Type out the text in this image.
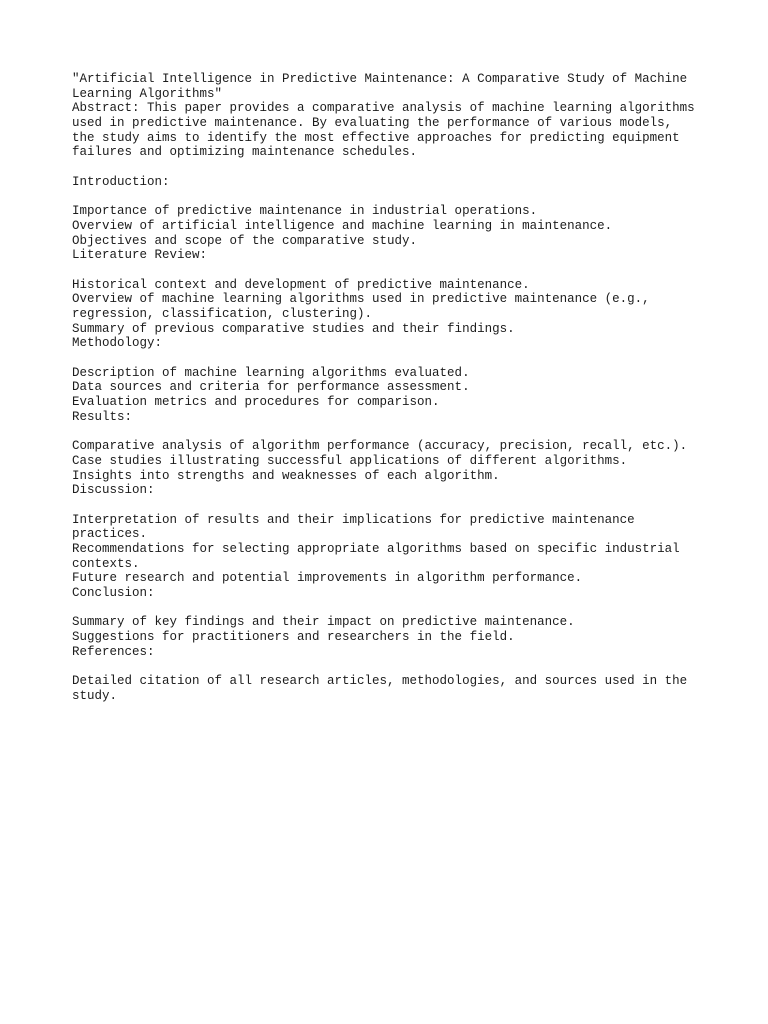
"Artificial Intelligence in Predictive Maintenance: A Comparative Study of Machine
Learning Algorithms"
Abstract: This paper provides a comparative analysis of machine learning algorithms
used in predictive maintenance. By evaluating the performance of various models,
the study aims to identify the most effective approaches for predicting equipment
failures and optimizing maintenance schedules.
Introduction:
Importance of predictive maintenance in industrial operations.
Overview of artificial intelligence and machine learning in maintenance.
Objectives and scope of the comparative study.
Literature Review:
Historical context and development of predictive maintenance.
Overview of machine learning algorithms used in predictive maintenance (e.g.,
regression, classification, clustering).
Summary of previous comparative studies and their findings.
Methodology:
Description of machine learning algorithms evaluated.
Data sources and criteria for performance assessment.
Evaluation metrics and procedures for comparison.
Results:
Comparative analysis of algorithm performance (accuracy, precision, recall, etc.).
Case studies illustrating successful applications of different algorithms.
Insights into strengths and weaknesses of each algorithm.
Discussion:
Interpretation of results and their implications for predictive maintenance
practices.
Recommendations for selecting appropriate algorithms based on specific industrial
contexts.
Future research and potential improvements in algorithm performance.
Conclusion:
Summary of key findings and their impact on predictive maintenance.
Suggestions for practitioners and researchers in the field.
References:
Detailed citation of all research articles, methodologies, and sources used in the
study.
